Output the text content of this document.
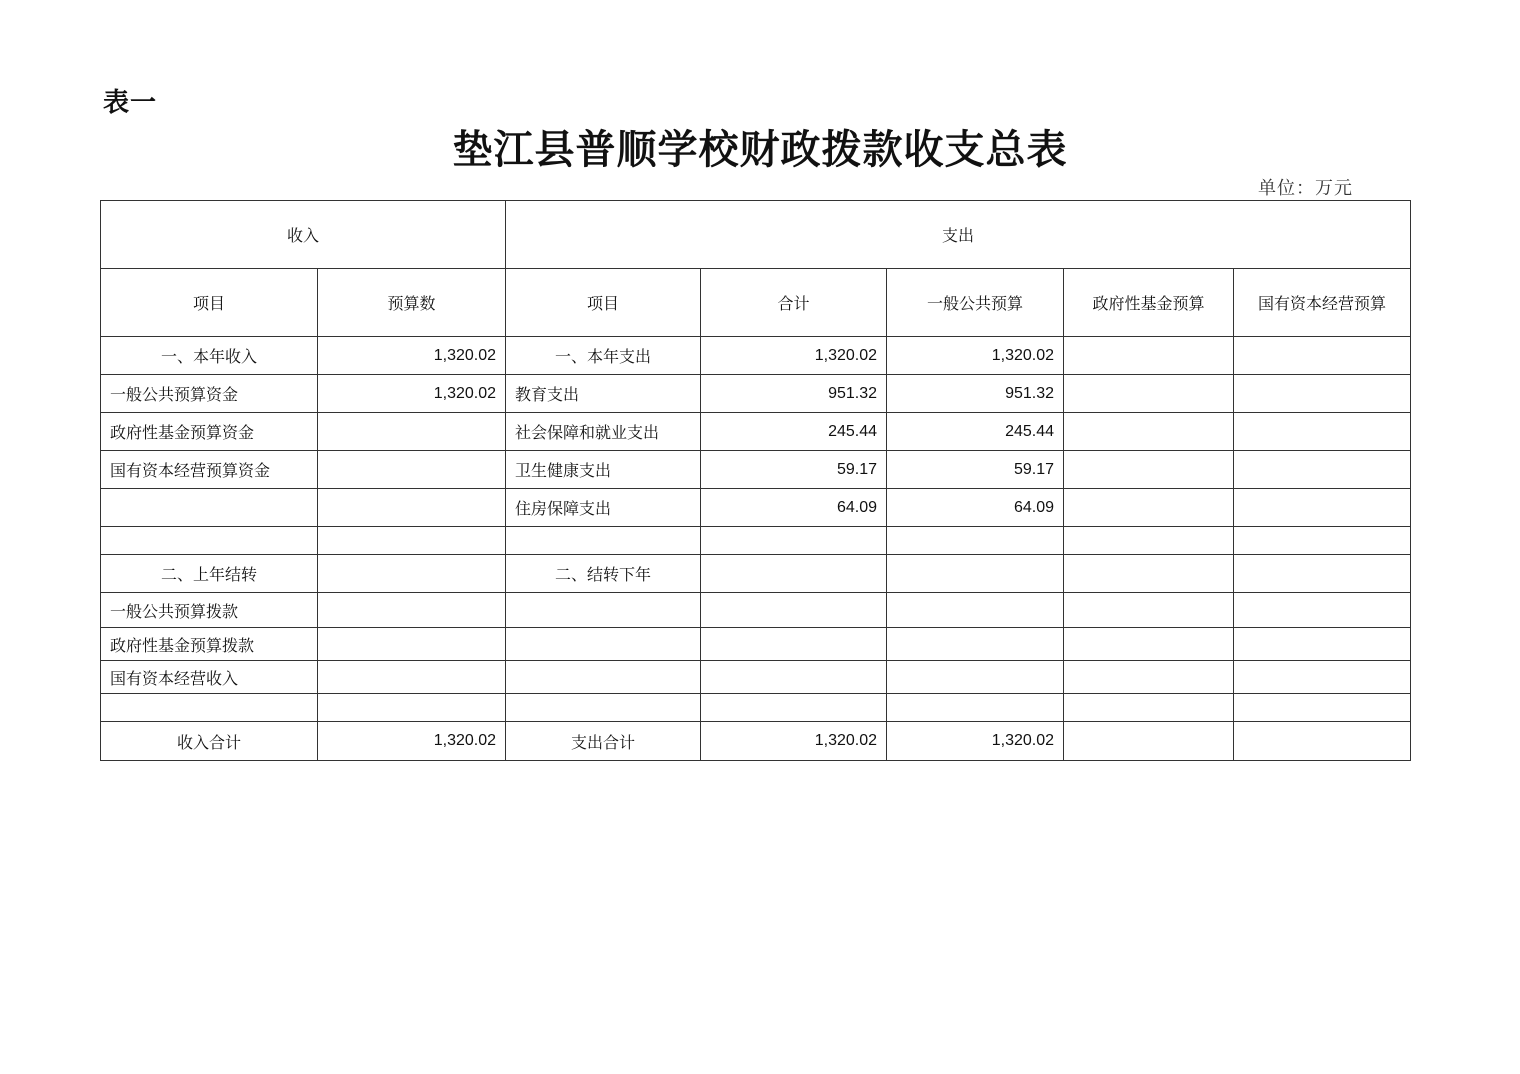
表一
垫江县普顺学校财政拨款收支总表
单位：万元
收入		支出				
项目	预算数	项目	合计	一般公共预算	政府性基金预算	国有资本经营预算
一、本年收入	1,320.02	一、本年支出	1,320.02	1,320.02		
一般公共预算资金	1,320.02	教育支出	951.32	951.32		
政府性基金预算资金		社会保障和就业支出	245.44	245.44		
国有资本经营预算资金		卫生健康支出	59.17	59.17		
		住房保障支出	64.09	64.09		

二、上年结转		二、结转下年				
一般公共预算拨款						
政府性基金预算拨款						
国有资本经营收入						

收入合计	1,320.02	支出合计	1,320.02	1,320.02		
